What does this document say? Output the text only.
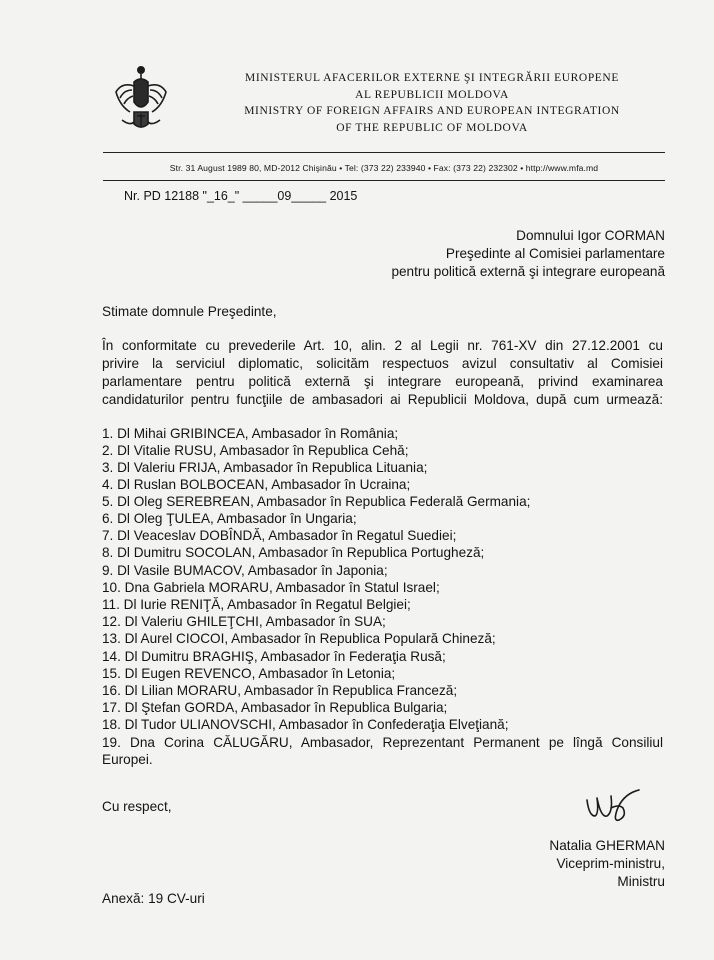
MINISTERUL AFACERILOR EXTERNE ŞI INTEGRĂRII EUROPENE
AL REPUBLICII MOLDOVA
MINISTRY OF FOREIGN AFFAIRS AND EUROPEAN INTEGRATION
OF THE REPUBLIC OF MOLDOVA
Str. 31 August 1989 80, MD-2012 Chişinău • Tel: (373 22) 233940 • Fax: (373 22) 232302 • http://www.mfa.md
Nr. PD 12188 "_16_" _____09_____ 2015
Domnului Igor CORMAN
Preşedinte al Comisiei parlamentare
pentru politică externă şi integrare europeană
Stimate domnule Preşedinte,
În conformitate cu prevederile Art. 10, alin. 2 al Legii nr. 761-XV din 27.12.2001 cu
privire la serviciul diplomatic, solicităm respectuos avizul consultativ al Comisiei
parlamentare pentru politică externă şi integrare europeană, privind examinarea
candidaturilor pentru funcţiile de ambasadori ai Republicii Moldova, după cum urmează:
1. Dl Mihai GRIBINCEA, Ambasador în România;
2. Dl Vitalie RUSU, Ambasador în Republica Cehă;
3. Dl Valeriu FRIJA, Ambasador în Republica Lituania;
4. Dl Ruslan BOLBOCEAN, Ambasador în Ucraina;
5. Dl Oleg SEREBREAN, Ambasador în Republica Federală Germania;
6. Dl Oleg ŢULEA, Ambasador în Ungaria;
7. Dl Veaceslav DOBÎNDĂ, Ambasador în Regatul Suediei;
8. Dl Dumitru SOCOLAN, Ambasador în Republica Portugheză;
9. Dl Vasile BUMACOV, Ambasador în Japonia;
10. Dna Gabriela MORARU, Ambasador în Statul Israel;
11. Dl Iurie RENIŢĂ, Ambasador în Regatul Belgiei;
12. Dl Valeriu GHILEŢCHI, Ambasador în SUA;
13. Dl Aurel CIOCOI, Ambasador în Republica Populară Chineză;
14. Dl Dumitru BRAGHIŞ, Ambasador în Federaţia Rusă;
15. Dl Eugen REVENCO, Ambasador în Letonia;
16. Dl Lilian MORARU, Ambasador în Republica Franceză;
17. Dl Ştefan GORDA, Ambasador în Republica Bulgaria;
18. Dl Tudor ULIANOVSCHI, Ambasador în Confederaţia Elveţiană;
19. Dna Corina CĂLUGĂRU, Ambasador, Reprezentant Permanent pe lîngă Consiliul
Europei.
Cu respect,
Natalia GHERMAN
Viceprim-ministru,
Ministru
Anexă: 19 CV-uri
